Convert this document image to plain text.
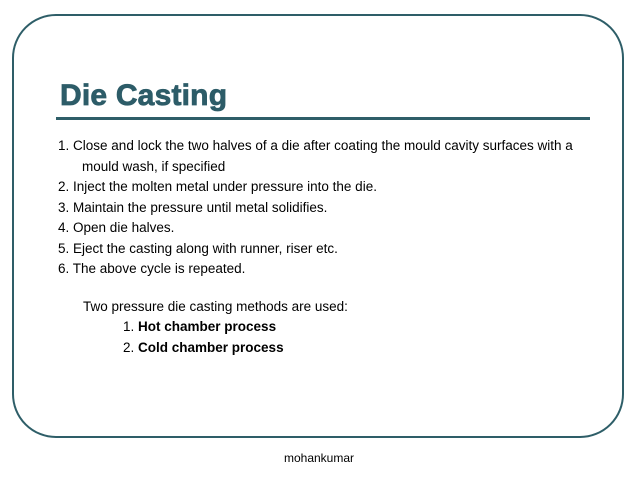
Die Casting
1. Close and lock the two halves of a die after coating the mould cavity surfaces with a mould wash, if specified
2. Inject the molten metal under pressure into the die.
3. Maintain the pressure until metal solidifies.
4. Open die halves.
5. Eject the casting along with runner, riser etc.
6. The above cycle is repeated.
Two pressure die casting methods are used:
1. Hot chamber process
2. Cold chamber process
mohankumar
